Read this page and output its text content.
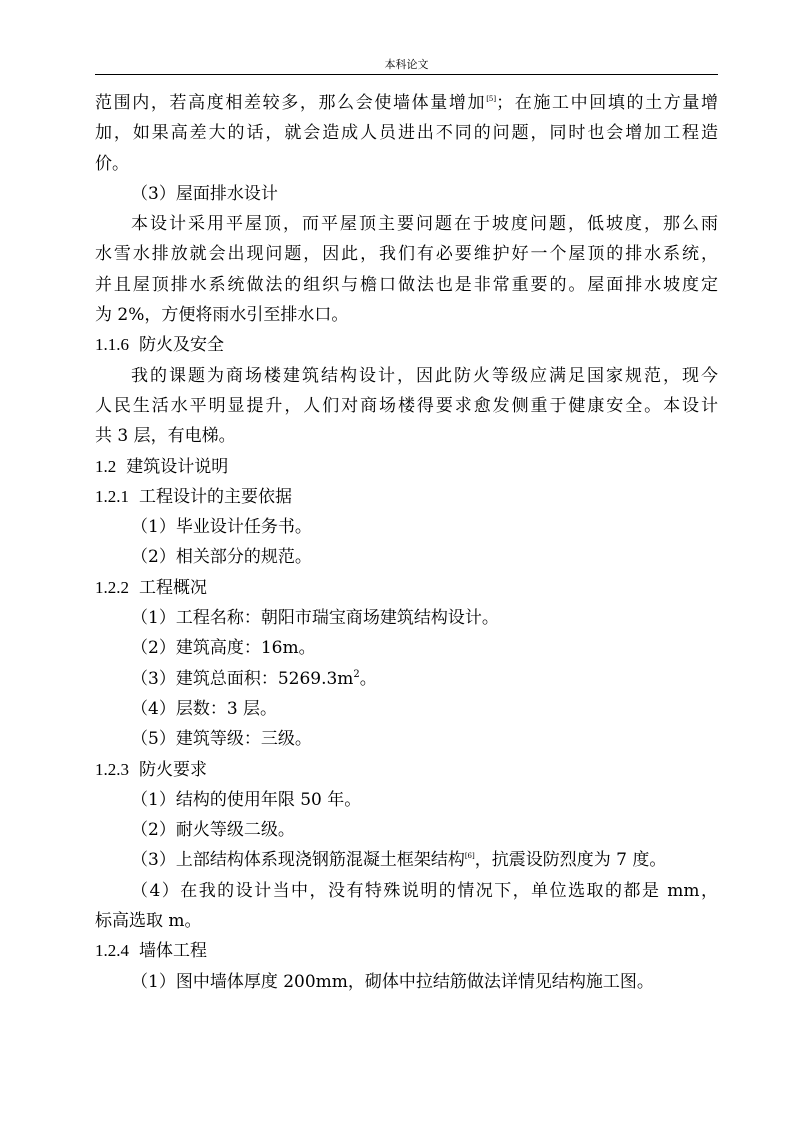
本科论文
范围内，若高度相差较多，那么会使墙体量增加[5]；在施工中回填的土方量增
加，如果高差大的话，就会造成人员进出不同的问题，同时也会增加工程造
价。
（3）屋面排水设计
本设计采用平屋顶，而平屋顶主要问题在于坡度问题，低坡度，那么雨
水雪水排放就会出现问题，因此，我们有必要维护好一个屋顶的排水系统，
并且屋顶排水系统做法的组织与檐口做法也是非常重要的。屋面排水坡度定
为 2%，方便将雨水引至排水口。
1.1.6 防火及安全
我的课题为商场楼建筑结构设计，因此防火等级应满足国家规范，现今
人民生活水平明显提升，人们对商场楼得要求愈发侧重于健康安全。本设计
共 3 层，有电梯。
1.2 建筑设计说明
1.2.1 工程设计的主要依据
（1）毕业设计任务书。
（2）相关部分的规范。
1.2.2 工程概况
（1）工程名称：朝阳市瑞宝商场建筑结构设计。
（2）建筑高度：16m。
（3）建筑总面积：$5269.3m^2$。
（4）层数：3 层。
（5）建筑等级：三级。
1.2.3 防火要求
（1）结构的使用年限 50 年。
（2）耐火等级二级。
（3）上部结构体系现浇钢筋混凝土框架结构[6]，抗震设防烈度为 7 度。
（4）在我的设计当中，没有特殊说明的情况下，单位选取的都是 mm，
标高选取 m。
1.2.4 墙体工程
（1）图中墙体厚度 200mm，砌体中拉结筋做法详情见结构施工图。
